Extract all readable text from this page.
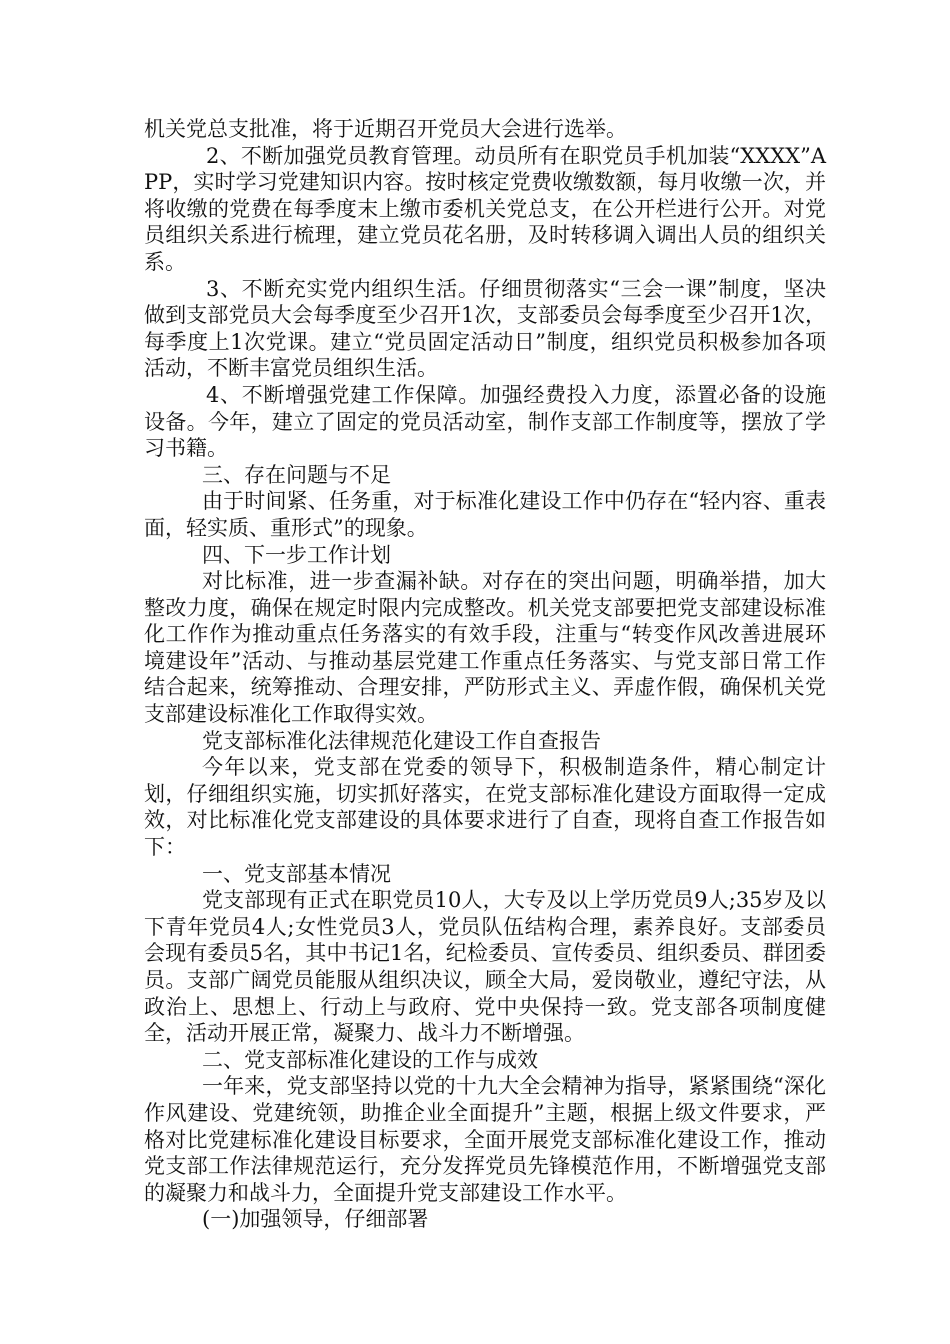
机关党总支批准，将于近期召开党员大会进行选举。

2、不断加强党员教育管理。动员所有在职党员手机加装“XXXX”APP，实时学习党建知识内容。按时核定党费收缴数额，每月收缴一次，并将收缴的党费在每季度末上缴市委机关党总支，在公开栏进行公开。对党员组织关系进行梳理，建立党员花名册，及时转移调入调出人员的组织关系。

3、不断充实党内组织生活。仔细贯彻落实“三会一课”制度，坚决做到支部党员大会每季度至少召开1次，支部委员会每季度至少召开1次，每季度上1次党课。建立“党员固定活动日”制度，组织党员积极参加各项活动，不断丰富党员组织生活。

4、不断增强党建工作保障。加强经费投入力度，添置必备的设施设备。今年，建立了固定的党员活动室，制作支部工作制度等，摆放了学习书籍。

三、存在问题与不足

由于时间紧、任务重，对于标准化建设工作中仍存在“轻内容、重表面，轻实质、重形式”的现象。

四、下一步工作计划

对比标准，进一步查漏补缺。对存在的突出问题，明确举措，加大整改力度，确保在规定时限内完成整改。机关党支部要把党支部建设标准化工作作为推动重点任务落实的有效手段，注重与“转变作风改善进展环境建设年”活动、与推动基层党建工作重点任务落实、与党支部日常工作结合起来，统筹推动、合理安排，严防形式主义、弄虚作假，确保机关党支部建设标准化工作取得实效。

党支部标准化法律规范化建设工作自查报告

今年以来，党支部在党委的领导下，积极制造条件，精心制定计划，仔细组织实施，切实抓好落实，在党支部标准化建设方面取得一定成效，对比标准化党支部建设的具体要求进行了自查，现将自查工作报告如下：

一、党支部基本情况

党支部现有正式在职党员10人，大专及以上学历党员9人;35岁及以下青年党员4人;女性党员3人，党员队伍结构合理，素养良好。支部委员会现有委员5名，其中书记1名，纪检委员、宣传委员、组织委员、群团委员。支部广阔党员能服从组织决议，顾全大局，爱岗敬业，遵纪守法，从政治上、思想上、行动上与政府、党中央保持一致。党支部各项制度健全，活动开展正常，凝聚力、战斗力不断增强。

二、党支部标准化建设的工作与成效

一年来，党支部坚持以党的十九大全会精神为指导，紧紧围绕“深化作风建设、党建统领，助推企业全面提升”主题，根据上级文件要求，严格对比党建标准化建设目标要求，全面开展党支部标准化建设工作，推动党支部工作法律规范运行，充分发挥党员先锋模范作用，不断增强党支部的凝聚力和战斗力，全面提升党支部建设工作水平。

(一)加强领导，仔细部署
